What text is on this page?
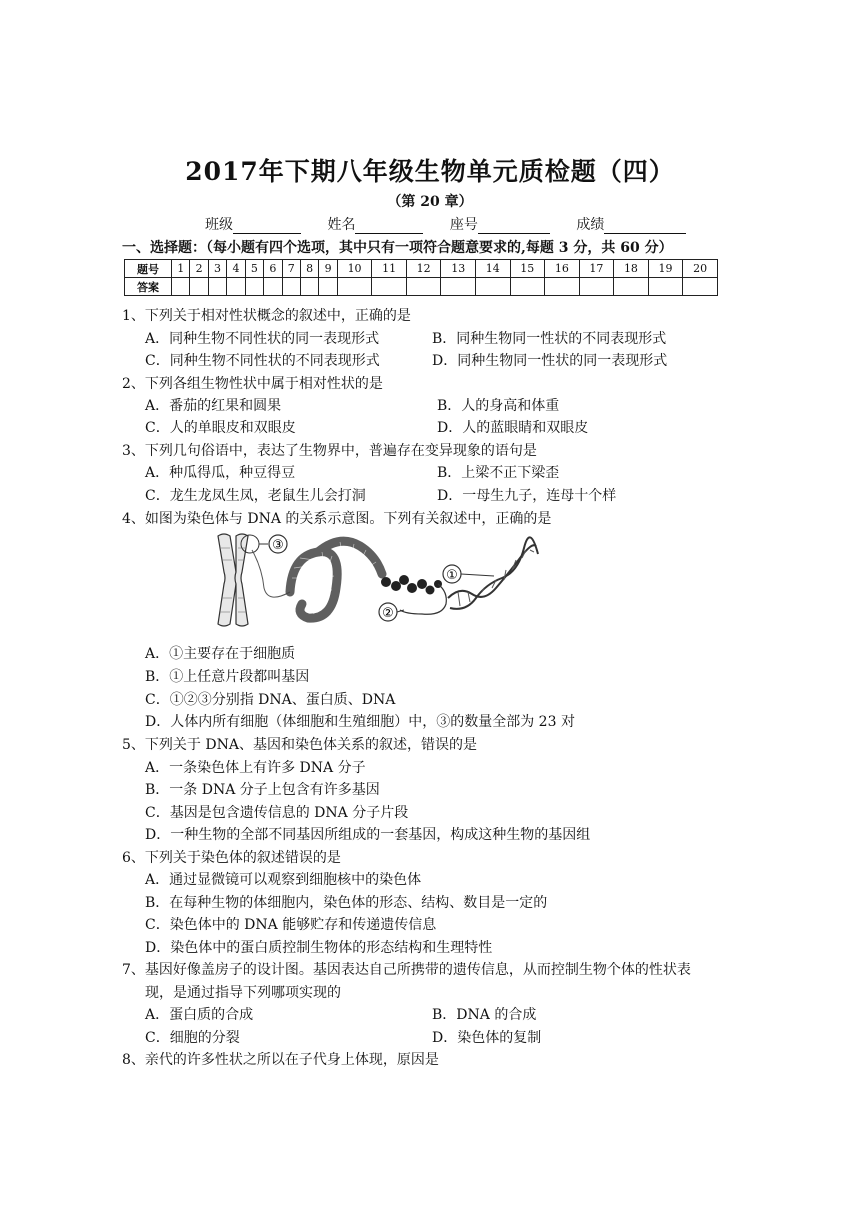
2017年下期八年级生物单元质检题（四）
（第 20 章）
班级	姓名	座号	成绩
一、选择题：（每小题有四个选项，其中只有一项符合题意要求的,每题 3 分，共 60 分）
题号	1	2	3	4	5	6	7	8	9	10	11	12	13	14	15	16	17	18	19	20
答案																				
1、下列关于相对性状概念的叙述中，正确的是
A．同种生物不同性状的同一表现形式	B．同种生物同一性状的不同表现形式
C．同种生物不同性状的不同表现形式	D．同种生物同一性状的同一表现形式
2、下列各组生物性状中属于相对性状的是
A．番茄的红果和圆果	B．人的身高和体重
C．人的单眼皮和双眼皮	D．人的蓝眼睛和双眼皮
3、下列几句俗语中，表达了生物界中，普遍存在变异现象的语句是
A．种瓜得瓜，种豆得豆	B．上梁不正下梁歪
C．龙生龙凤生凤，老鼠生儿会打洞	D．一母生九子，连母十个样
4、如图为染色体与 DNA 的关系示意图。下列有关叙述中，正确的是
③
②
①
A．①主要存在于细胞质
B．①上任意片段都叫基因
C．①②③分别指 DNA、蛋白质、DNA
D．人体内所有细胞（体细胞和生殖细胞）中，③的数量全部为 23 对
5、下列关于 DNA、基因和染色体关系的叙述，错误的是
A．一条染色体上有许多 DNA 分子
B．一条 DNA 分子上包含有许多基因
C．基因是包含遗传信息的 DNA 分子片段
D．一种生物的全部不同基因所组成的一套基因，构成这种生物的基因组
6、下列关于染色体的叙述错误的是
A．通过显微镜可以观察到细胞核中的染色体
B．在每种生物的体细胞内，染色体的形态、结构、数目是一定的
C．染色体中的 DNA 能够贮存和传递遗传信息
D．染色体中的蛋白质控制生物体的形态结构和生理特性
7、基因好像盖房子的设计图。基因表达自己所携带的遗传信息，从而控制生物个体的性状表
现，是通过指导下列哪项实现的
A．蛋白质的合成	B．DNA 的合成
C．细胞的分裂	D．染色体的复制
8、亲代的许多性状之所以在子代身上体现，原因是
